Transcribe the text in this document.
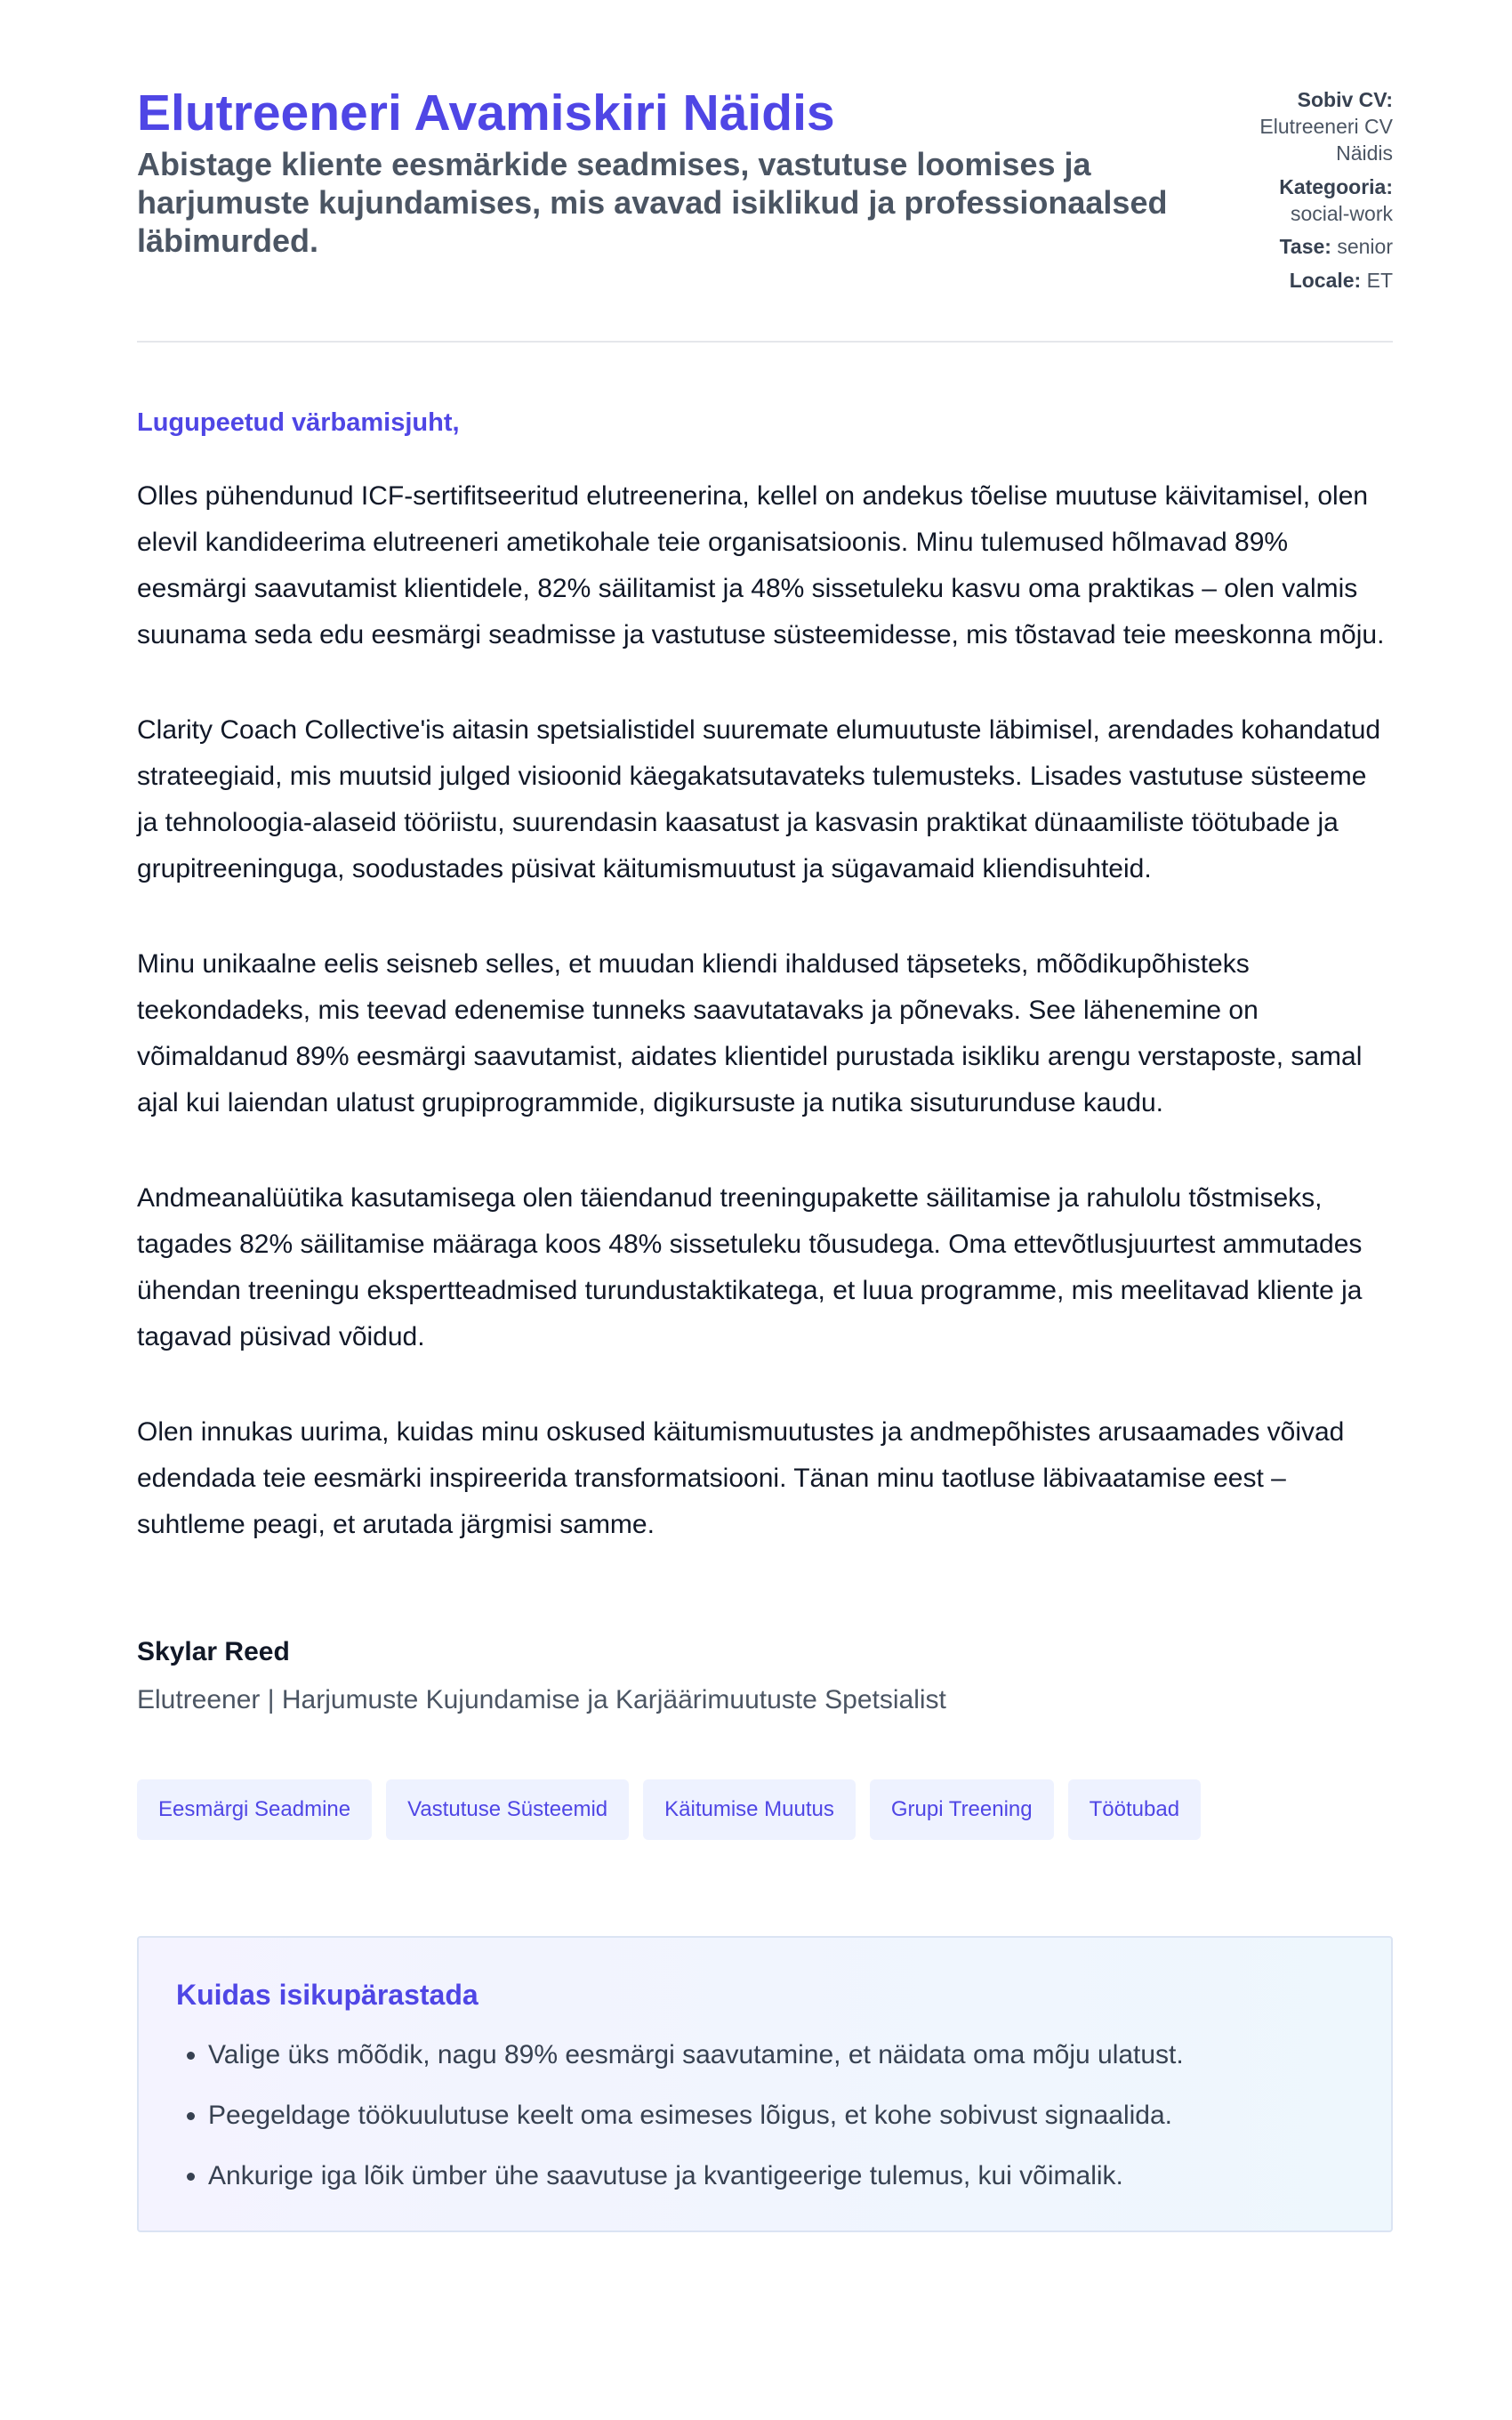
Elutreeneri Avamiskiri Näidis

Abistage kliente eesmärkide seadmises, vastutuse loomises ja harjumuste kujundamises, mis avavad isiklikud ja professionaalsed läbimurded.

Sobiv CV:
Elutreeneri CV Näidis
Kategooria:
social-work
Tase: senior
Locale: ET
Lugupeetud värbamisjuht,

Olles pühendunud ICF-sertifitseeritud elutreenerina, kellel on andekus tõelise muutuse käivitamisel, olen elevil kandideerima elutreeneri ametikohale teie organisatsioonis. Minu tulemused hõlmavad 89% eesmärgi saavutamist klientidele, 82% säilitamist ja 48% sissetuleku kasvu oma praktikas – olen valmis suunama seda edu eesmärgi seadmisse ja vastutuse süsteemidesse, mis tõstavad teie meeskonna mõju.

Clarity Coach Collective'is aitasin spetsialistidel suuremate elumuutuste läbimisel, arendades kohandatud strateegiaid, mis muutsid julged visioonid käegakatsutavateks tulemusteks. Lisades vastutuse süsteeme ja tehnoloogia-alaseid tööriistu, suurendasin kaasatust ja kasvasin praktikat dünaamiliste töötubade ja grupitreeninguga, soodustades püsivat käitumismuutust ja sügavamaid kliendisuhteid.

Minu unikaalne eelis seisneb selles, et muudan kliendi ihaldused täpseteks, mõõdikupõhisteks teekondadeks, mis teevad edenemise tunneks saavutatavaks ja põnevaks. See lähenemine on võimaldanud 89% eesmärgi saavutamist, aidates klientidel purustada isikliku arengu verstaposte, samal ajal kui laiendan ulatust grupiprogrammide, digikursuste ja nutika sisuturunduse kaudu.

Andmeanalüütika kasutamisega olen täiendanud treeningupakette säilitamise ja rahulolu tõstmiseks, tagades 82% säilitamise määraga koos 48% sissetuleku tõusudega. Oma ettevõtlusjuurtest ammutades ühendan treeningu ekspertteadmised turundustaktikatega, et luua programme, mis meelitavad kliente ja tagavad püsivad võidud.

Olen innukas uurima, kuidas minu oskused käitumismuutustes ja andmepõhistes arusaamades võivad edendada teie eesmärki inspireerida transformatsiooni. Tänan minu taotluse läbivaatamise eest – suhtleme peagi, et arutada järgmisi samme.

Skylar Reed
Elutreener | Harjumuste Kujundamise ja Karjäärimuutuste Spetsialist
Eesmärgi Seadmine	Vastutuse Süsteemid	Käitumise Muutus	Grupi Treening	Töötubad
Kuidas isikupärastada
• Valige üks mõõdik, nagu 89% eesmärgi saavutamine, et näidata oma mõju ulatust.
• Peegeldage töökuulutuse keelt oma esimeses lõigus, et kohe sobivust signaalida.
• Ankurige iga lõik ümber ühe saavutuse ja kvantigeerige tulemus, kui võimalik.
